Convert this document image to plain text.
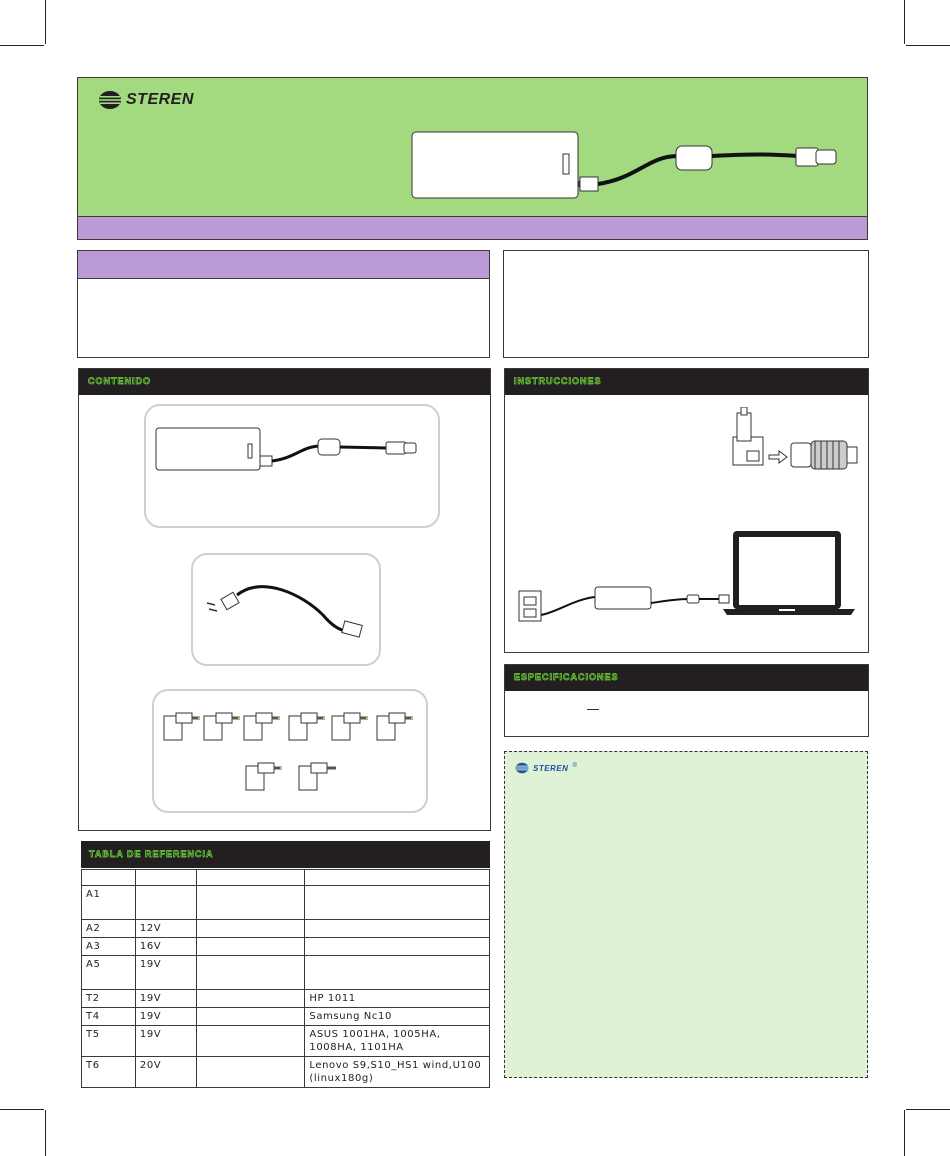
STEREN
CONTENIDO	INSTRUCCIONES
ESPECIFICACIONES
STEREN ®
TABLA DE REFERENCIA

A1			
A2	12V		
A3	16V		
A5	19V		
T2	19V		HP 1011
T4	19V		Samsung Nc10
T5	19V		ASUS 1001HA, 1005HA, 1008HA, 1101HA
T6	20V		Lenovo S9,S10_HS1 wind,U100 (linux180g)
